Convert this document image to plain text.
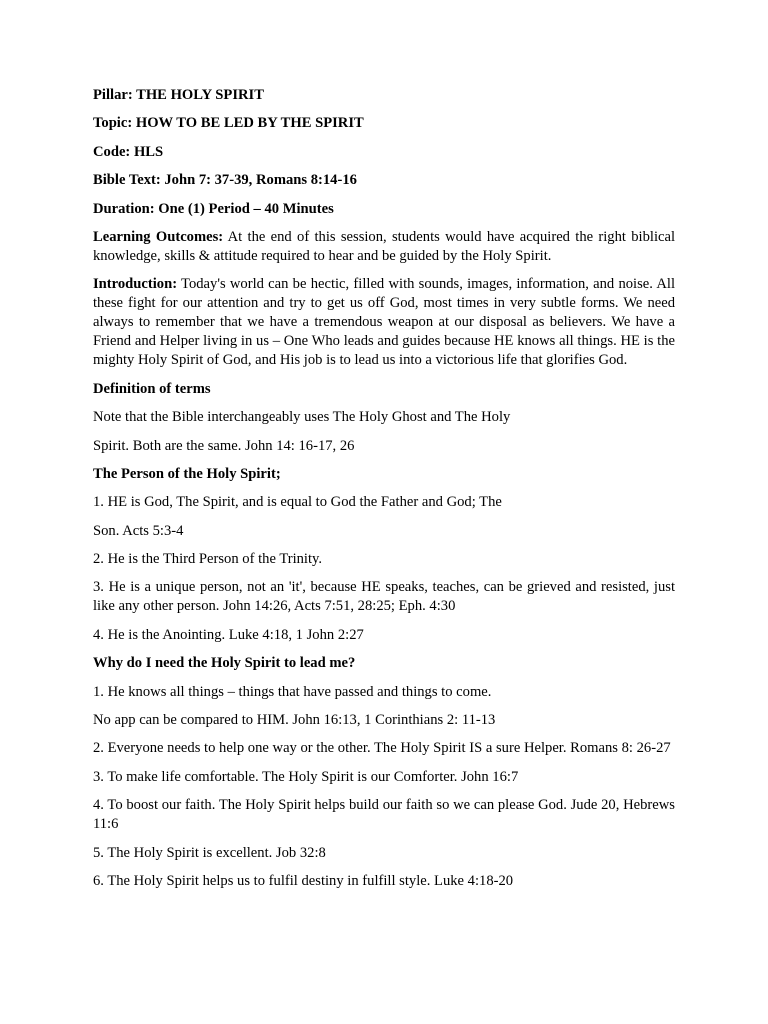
Pillar: THE HOLY SPIRIT
Topic: HOW TO BE LED BY THE SPIRIT
Code: HLS
Bible Text: John 7: 37-39, Romans 8:14-16
Duration: One (1) Period – 40 Minutes
Learning Outcomes: At the end of this session, students would have acquired the right biblical knowledge, skills & attitude required to hear and be guided by the Holy Spirit.
Introduction: Today's world can be hectic, filled with sounds, images, information, and noise. All these fight for our attention and try to get us off God, most times in very subtle forms. We need always to remember that we have a tremendous weapon at our disposal as believers. We have a Friend and Helper living in us – One Who leads and guides because HE knows all things. HE is the mighty Holy Spirit of God, and His job is to lead us into a victorious life that glorifies God.
Definition of terms
Note that the Bible interchangeably uses The Holy Ghost and The Holy
Spirit. Both are the same. John 14: 16-17, 26
The Person of the Holy Spirit;
1. HE is God, The Spirit, and is equal to God the Father and God; The
Son. Acts 5:3-4
2. He is the Third Person of the Trinity.
3. He is a unique person, not an 'it', because HE speaks, teaches, can be grieved and resisted, just like any other person. John 14:26, Acts 7:51, 28:25; Eph. 4:30
4. He is the Anointing. Luke 4:18, 1 John 2:27
Why do I need the Holy Spirit to lead me?
1. He knows all things – things that have passed and things to come.
No app can be compared to HIM. John 16:13, 1 Corinthians 2: 11-13
2. Everyone needs to help one way or the other. The Holy Spirit IS a sure Helper. Romans 8: 26-27
3. To make life comfortable. The Holy Spirit is our Comforter. John 16:7
4. To boost our faith. The Holy Spirit helps build our faith so we can please God. Jude 20, Hebrews 11:6
5. The Holy Spirit is excellent. Job 32:8
6. The Holy Spirit helps us to fulfil destiny in fulfill style. Luke 4:18-20
